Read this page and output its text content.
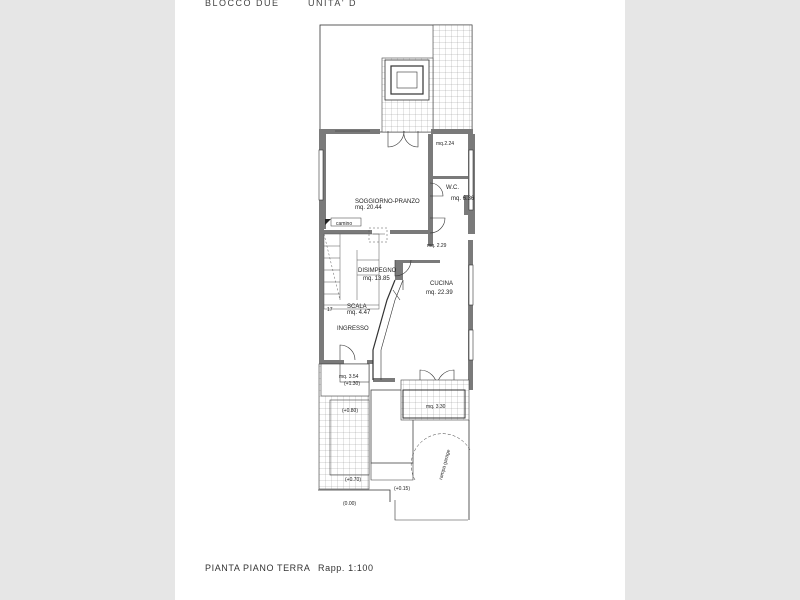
BLOCCO DUE	UNITA' D
SOGGIORNO-PRANZO
mq. 20.44
W.C.
mq. 6.36
DISIMPEGNO
mq. 13.85
CUCINA
mq. 22.39
SCALA
mq. 4.47
INGRESSO
camino
mq.2.24
mq. 2.29
mq. 3.54
mq. 3.30
17
rampa garage
(+1.30)
(+0.80)
(+0.70)
(+0.15)
(0.00)
PIANTA PIANO TERRA Rapp. 1:100
